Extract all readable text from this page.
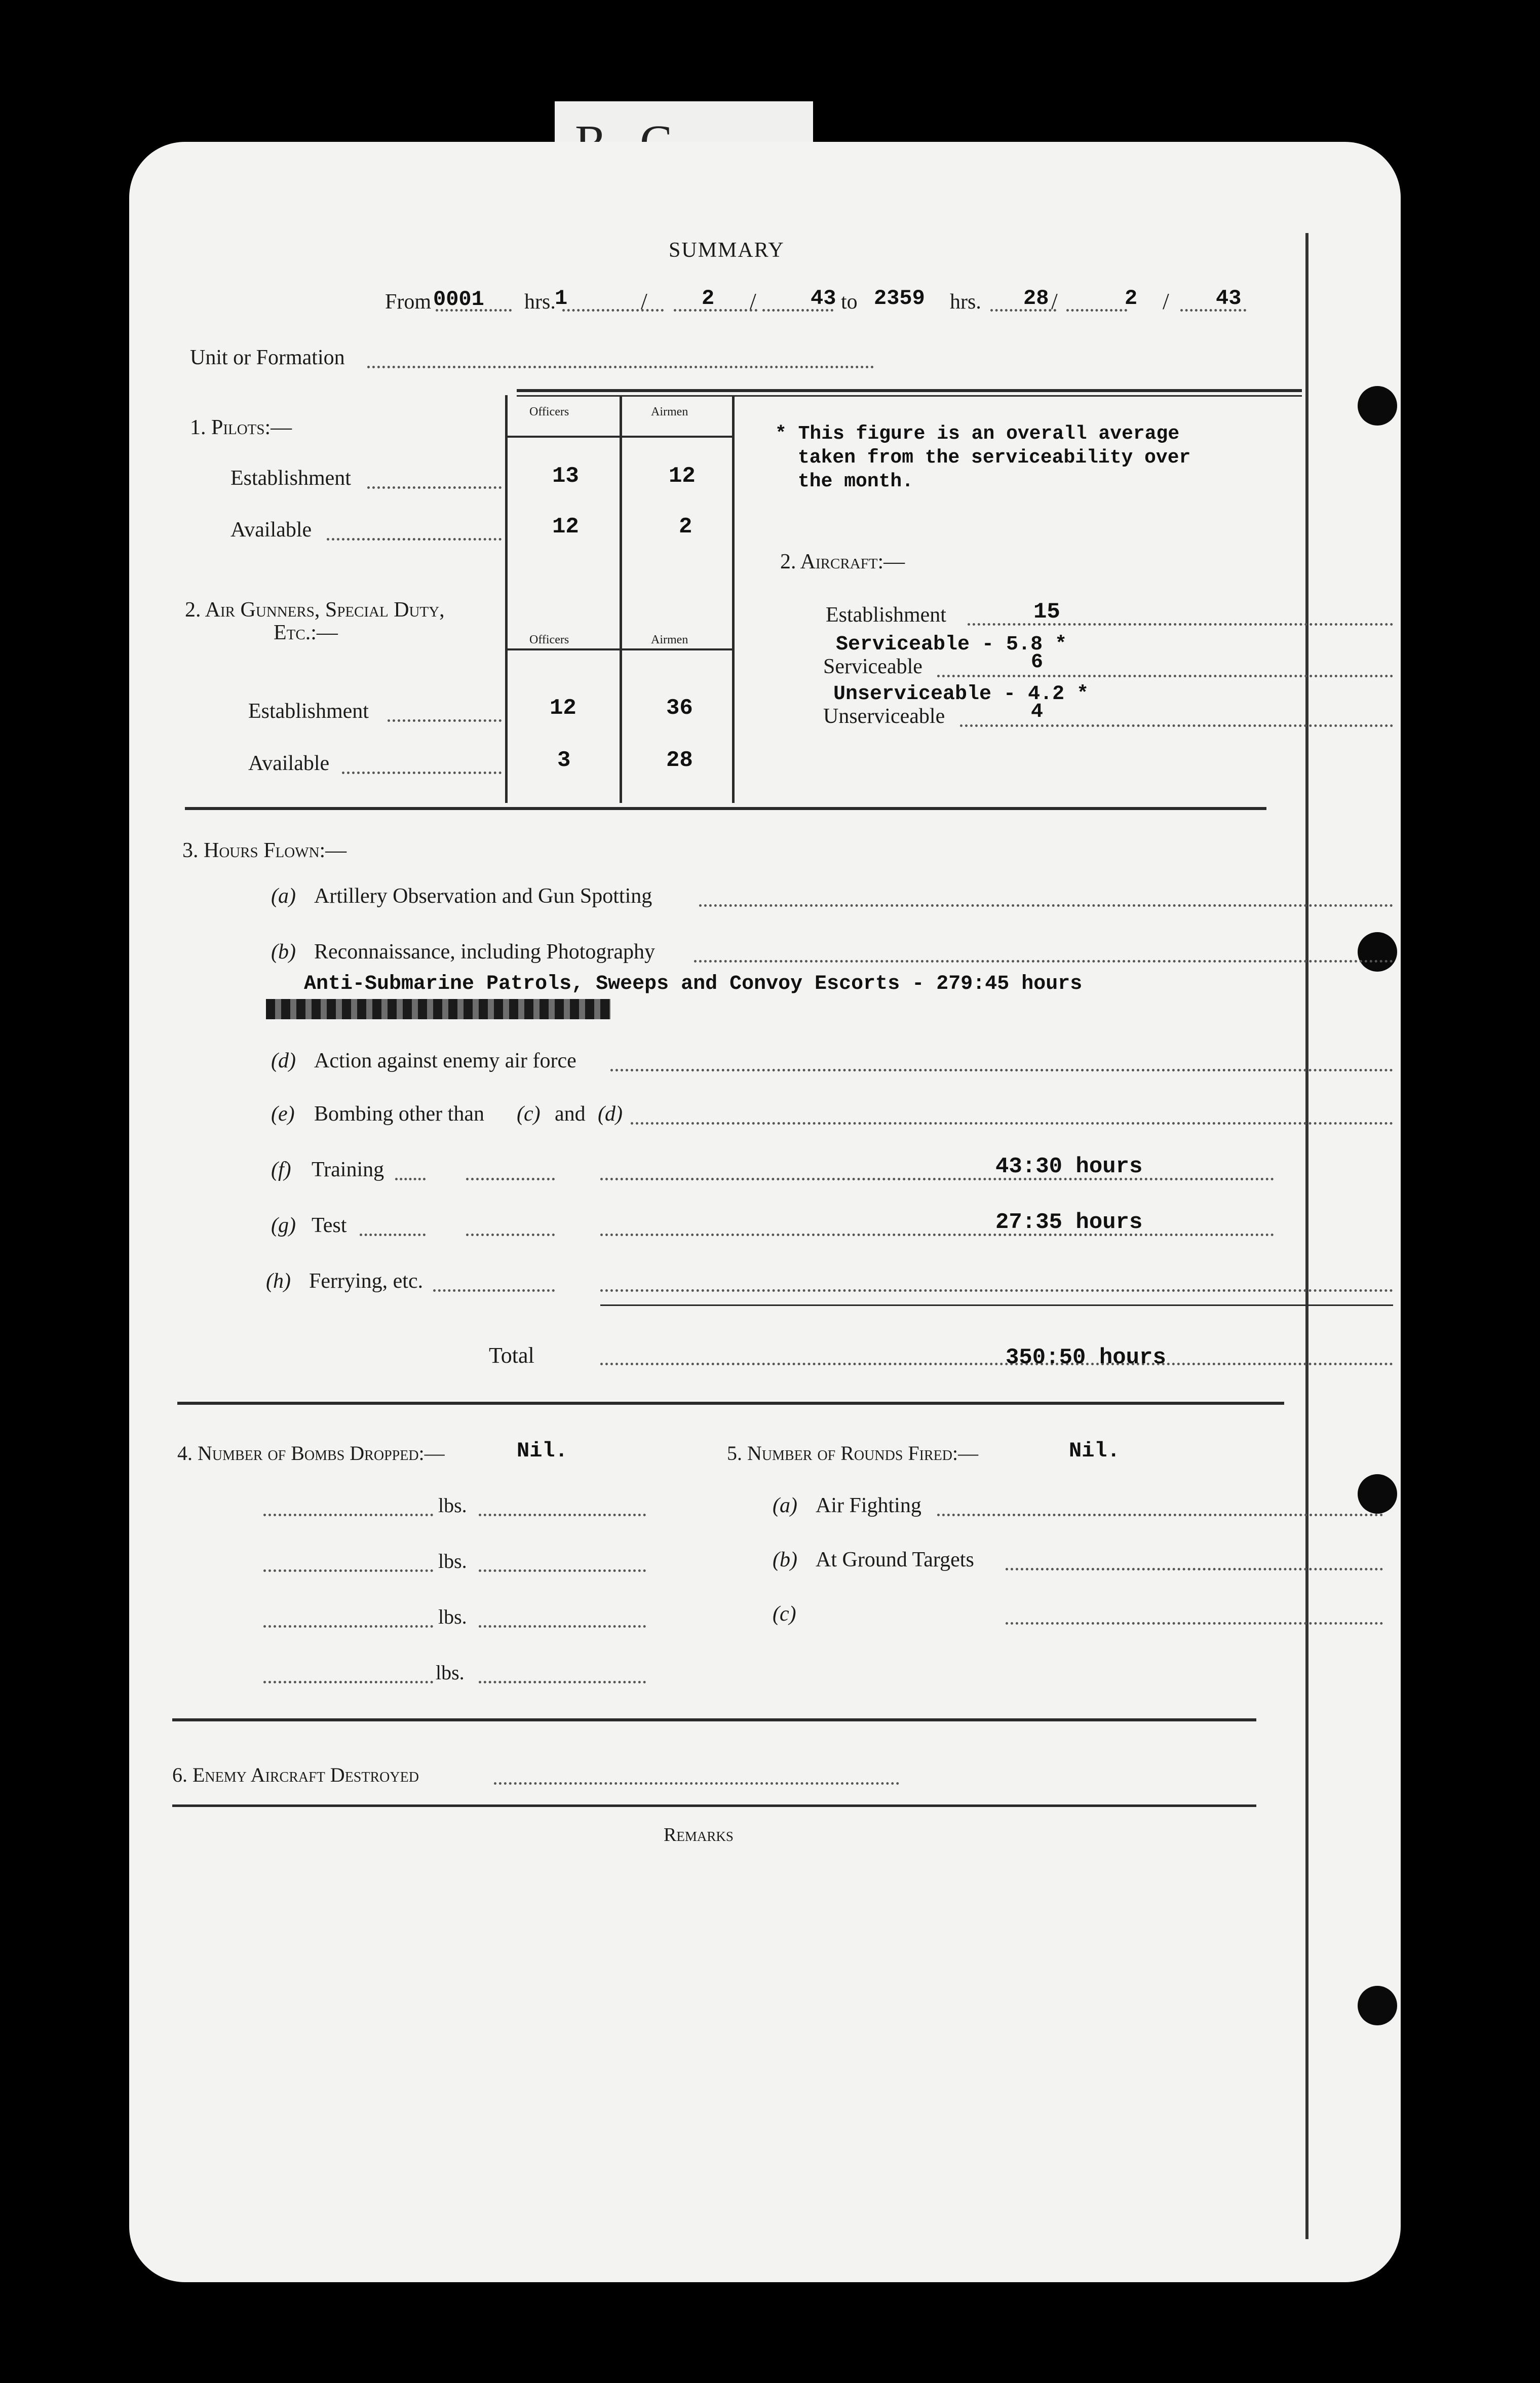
SUMMARY
From 0001 hrs.
1	/	2 /	43 to 2359 hrs. 28 /	2 / 43
Unit or Formation
1. Pilots:—
Officers	Airmen
Establishment	13	12
Available	12	2
2. Air Gunners, Special Duty,
Etc.:—	Officers	Airmen
Establishment	12	36
Available	3	28
* This figure is an overall average
taken from the serviceability over
the month.
2. Aircraft:—
Establishment	15
Serviceable - 5.8 *
Serviceable	6
Unserviceable - 4.2 *
Unserviceable	4
3. Hours Flown:—
(a) Artillery Observation and Gun Spotting
(b) Reconnaissance, including Photography
Anti-Submarine Patrols, Sweeps and Convoy Escorts - 279:45 hours
(d) Action against enemy air force
(e) Bombing other than (c) and (d)
(f) Training	43:30 hours
(g) Test	27:35 hours
(h) Ferrying, etc.
Total	350:50 hours
4. Number of Bombs Dropped:—	Nil.
lbs.
lbs.
lbs.
lbs.
5. Number of Rounds Fired:—	Nil.
(a) Air Fighting
(b) At Ground Targets
(c)
6. Enemy Aircraft Destroyed
Remarks
